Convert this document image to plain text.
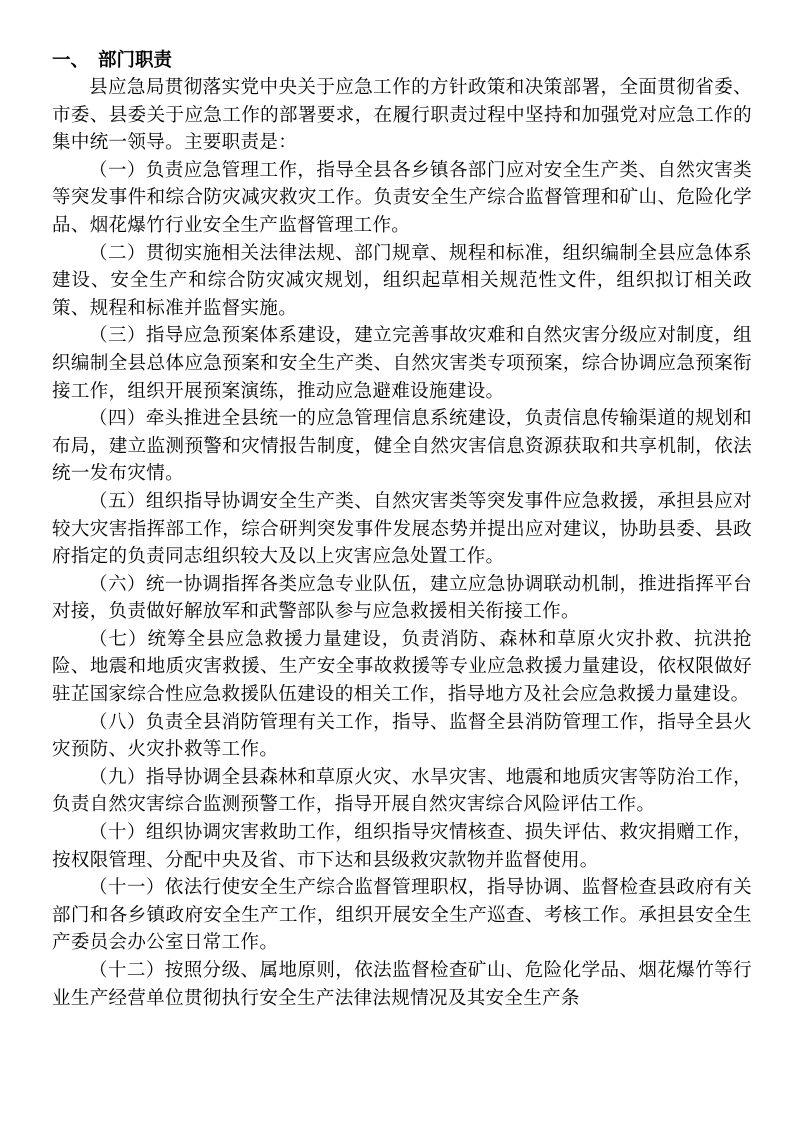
一、 部门职责

县应急局贯彻落实党中央关于应急工作的方针政策和决策部署，全面贯彻省委、市委、县委关于应急工作的部署要求，在履行职责过程中坚持和加强党对应急工作的集中统一领导。主要职责是：

（一）负责应急管理工作，指导全县各乡镇各部门应对安全生产类、自然灾害类等突发事件和综合防灾减灾救灾工作。负责安全生产综合监督管理和矿山、危险化学品、烟花爆竹行业安全生产监督管理工作。

（二）贯彻实施相关法律法规、部门规章、规程和标准，组织编制全县应急体系建设、安全生产和综合防灾减灾规划，组织起草相关规范性文件，组织拟订相关政策、规程和标准并监督实施。

（三）指导应急预案体系建设，建立完善事故灾难和自然灾害分级应对制度，组织编制全县总体应急预案和安全生产类、自然灾害类专项预案，综合协调应急预案衔接工作，组织开展预案演练，推动应急避难设施建设。

（四）牵头推进全县统一的应急管理信息系统建设，负责信息传输渠道的规划和布局，建立监测预警和灾情报告制度，健全自然灾害信息资源获取和共享机制，依法统一发布灾情。

（五）组织指导协调安全生产类、自然灾害类等突发事件应急救援，承担县应对较大灾害指挥部工作，综合研判突发事件发展态势并提出应对建议，协助县委、县政府指定的负责同志组织较大及以上灾害应急处置工作。

（六）统一协调指挥各类应急专业队伍，建立应急协调联动机制，推进指挥平台对接，负责做好解放军和武警部队参与应急救援相关衔接工作。

（七）统筹全县应急救援力量建设，负责消防、森林和草原火灾扑救、抗洪抢险、地震和地质灾害救援、生产安全事故救援等专业应急救援力量建设，依权限做好驻芷国家综合性应急救援队伍建设的相关工作，指导地方及社会应急救援力量建设。

（八）负责全县消防管理有关工作，指导、监督全县消防管理工作，指导全县火灾预防、火灾扑救等工作。

（九）指导协调全县森林和草原火灾、水旱灾害、地震和地质灾害等防治工作，负责自然灾害综合监测预警工作，指导开展自然灾害综合风险评估工作。

（十）组织协调灾害救助工作，组织指导灾情核查、损失评估、救灾捐赠工作，按权限管理、分配中央及省、市下达和县级救灾款物并监督使用。

（十一）依法行使安全生产综合监督管理职权，指导协调、监督检查县政府有关部门和各乡镇政府安全生产工作，组织开展安全生产巡查、考核工作。承担县安全生产委员会办公室日常工作。

（十二）按照分级、属地原则，依法监督检查矿山、危险化学品、烟花爆竹等行业生产经营单位贯彻执行安全生产法律法规情况及其安全生产条
